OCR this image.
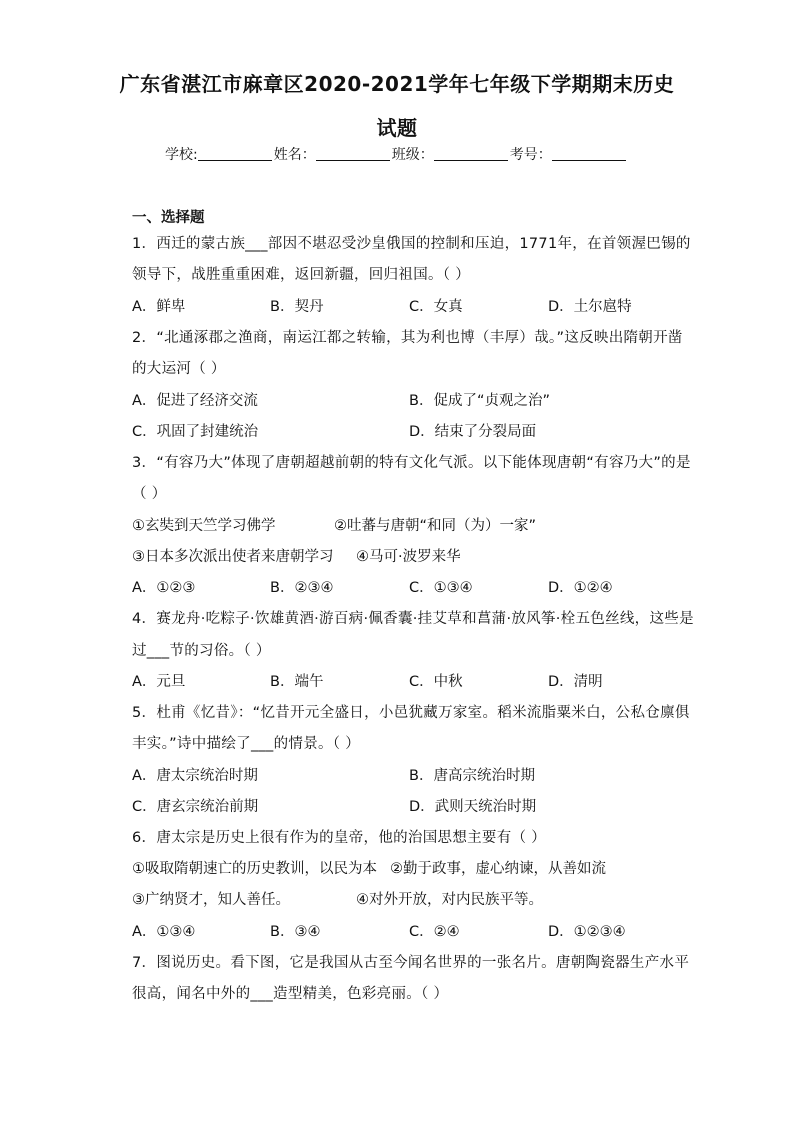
广东省湛江市麻章区2020-2021学年七年级下学期期末历史
试题
学校:	姓名：	班级：	考号：
一、选择题
1．西迁的蒙古族___部因不堪忍受沙皇俄国的控制和压迫，1771年，在首领渥巴锡的
领导下，战胜重重困难，返回新疆，回归祖国。（ ）
A．鲜卑	B．契丹	C．女真	D．土尔扈特
2．“北通涿郡之渔商，南运江都之转输，其为利也博（丰厚）哉。”这反映出隋朝开凿
的大运河（ ）
A．促进了经济交流	B．促成了“贞观之治”
C．巩固了封建统治	D．结束了分裂局面
3．“有容乃大”体现了唐朝超越前朝的特有文化气派。以下能体现唐朝“有容乃大”的是
（ ）
①玄奘到天竺学习佛学	②吐蕃与唐朝“和同（为）一家”
③日本多次派出使者来唐朝学习 ④马可·波罗来华
A．①②③	B．②③④	C．①③④	D．①②④
4．赛龙舟·吃粽子·饮雄黄酒·游百病·佩香囊·挂艾草和菖蒲·放风筝·栓五色丝线，这些是
过___节的习俗。（ ）
A．元旦	B．端午	C．中秋	D．清明
5．杜甫《忆昔》：“忆昔开元全盛日，小邑犹藏万家室。稻米流脂粟米白，公私仓廪俱
丰实。”诗中描绘了___的情景。（ ）
A．唐太宗统治时期	B．唐高宗统治时期
C．唐玄宗统治前期	D．武则天统治时期
6．唐太宗是历史上很有作为的皇帝，他的治国思想主要有（ ）
①吸取隋朝速亡的历史教训，以民为本 ②勤于政事，虚心纳谏，从善如流
③广纳贤才，知人善任。	④对外开放，对内民族平等。
A．①③④	B．③④	C．②④	D．①②③④
7．图说历史。看下图，它是我国从古至今闻名世界的一张名片。唐朝陶瓷器生产水平
很高，闻名中外的___造型精美，色彩亮丽。（ ）
